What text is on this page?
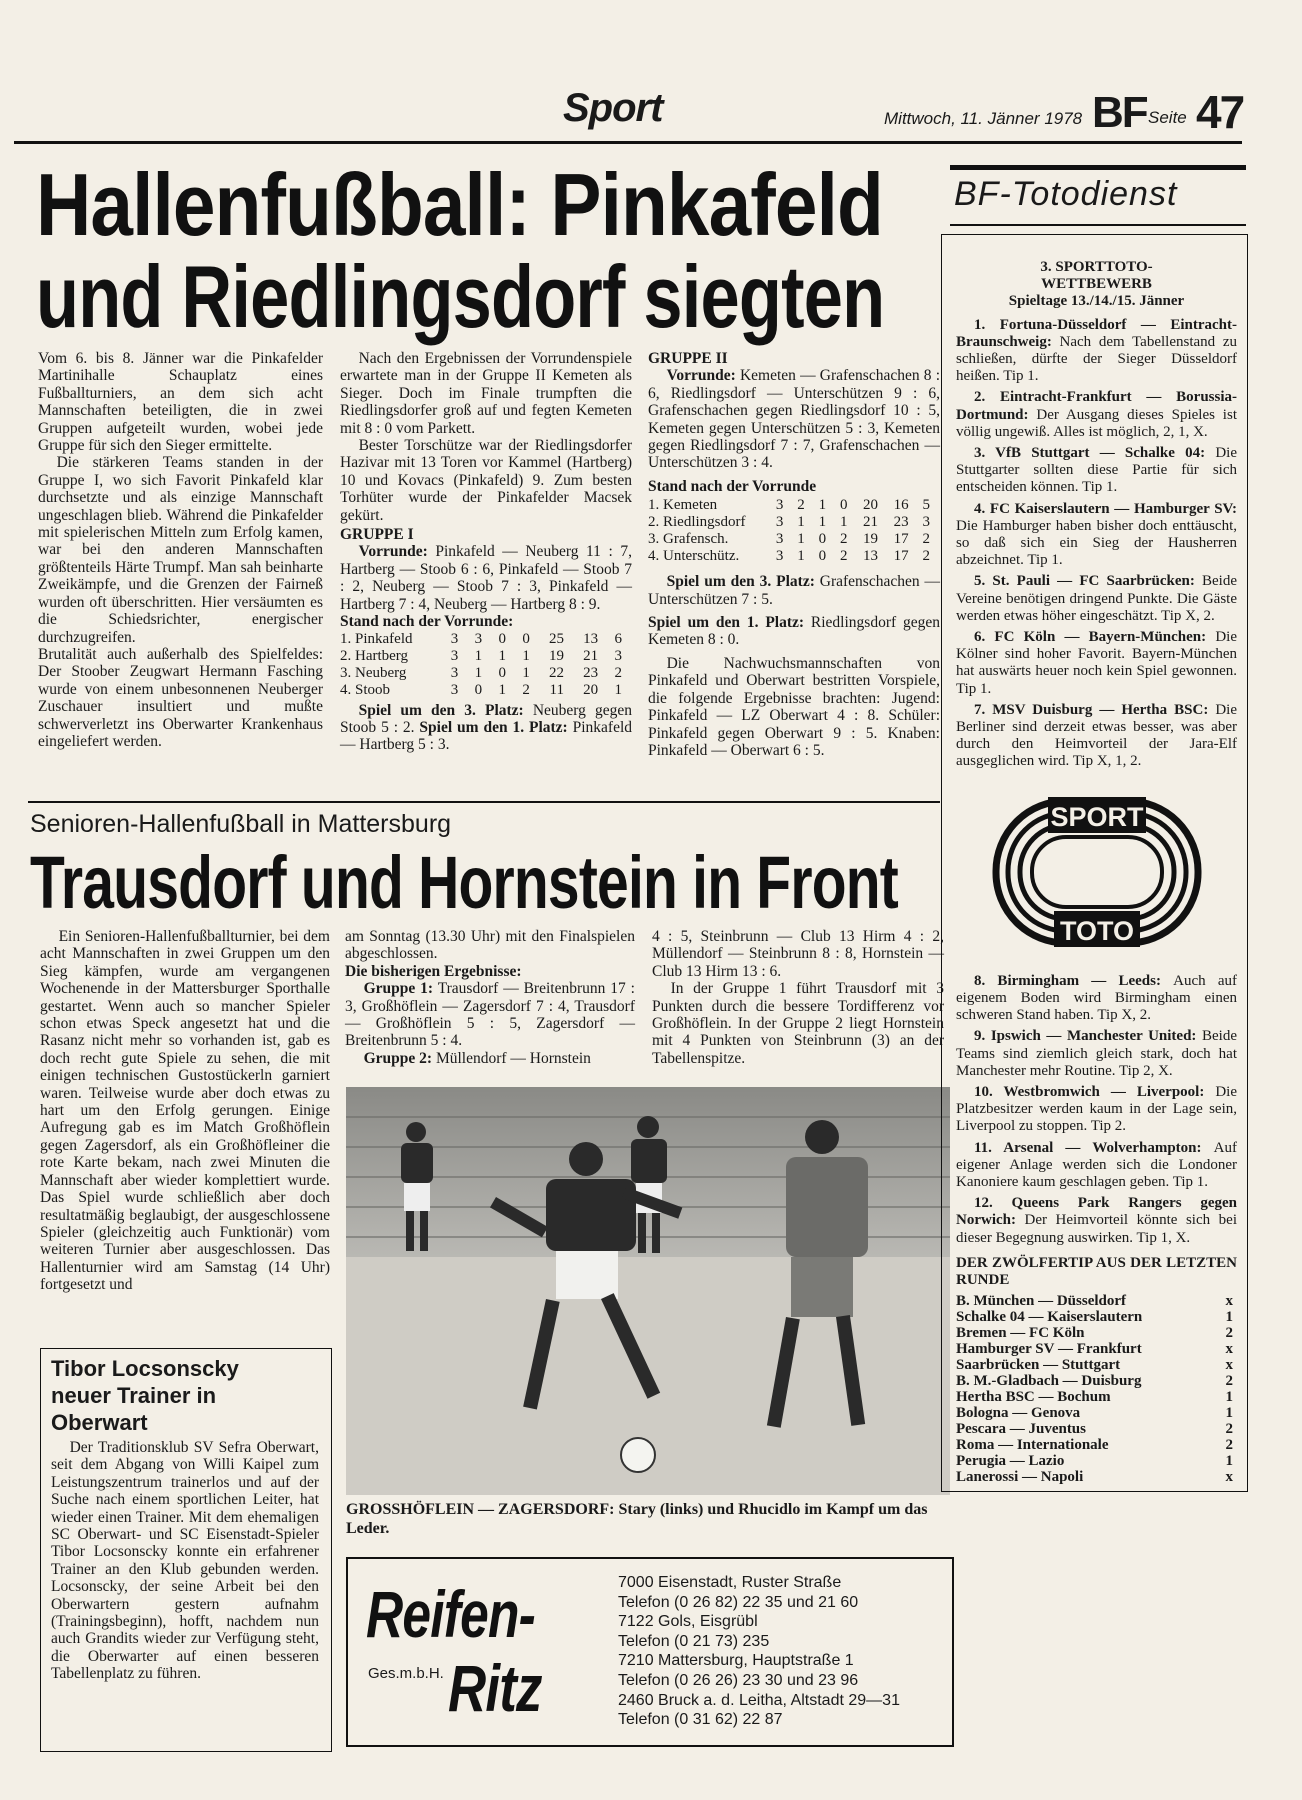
Sport	Mittwoch, 11. Jänner 1978 BF Seite 47
Hallenfußball: Pinkafeld
und Riedlingsdorf siegten

Vom 6. bis 8. Jänner war die Pinkafelder Martinihalle Schauplatz eines Fußballturniers, an dem sich acht Mannschaften beteiligten, die in zwei Gruppen aufgeteilt wurden, wobei jede Gruppe für sich den Sieger ermittelte.

Die stärkeren Teams standen in der Gruppe I, wo sich Favorit Pinkafeld klar durchsetzte und als einzige Mannschaft ungeschlagen blieb. Während die Pinkafelder mit spielerischen Mitteln zum Erfolg kamen, war bei den anderen Mannschaften größtenteils Härte Trumpf. Man sah beinharte Zweikämpfe, und die Grenzen der Fairneß wurden oft überschritten. Hier versäumten es die Schiedsrichter, energischer durchzugreifen.

Brutalität auch außerhalb des Spielfeldes: Der Stoober Zeugwart Hermann Fasching wurde von einem unbesonnenen Neuberger Zuschauer insultiert und mußte schwerverletzt ins Oberwarter Krankenhaus eingeliefert werden.

Nach den Ergebnissen der Vorrundenspiele erwartete man in der Gruppe II Kemeten als Sieger. Doch im Finale trumpften die Riedlingsdorfer groß auf und fegten Kemeten mit 8 : 0 vom Parkett.

Bester Torschütze war der Riedlingsdorfer Hazivar mit 13 Toren vor Kammel (Hartberg) 10 und Kovacs (Pinkafeld) 9. Zum besten Torhüter wurde der Pinkafelder Macsek gekürt.

GRUPPE I

Vorrunde: Pinkafeld — Neuberg 11 : 7, Hartberg — Stoob 6 : 6, Pinkafeld — Stoob 7 : 2, Neuberg — Stoob 7 : 3, Pinkafeld — Hartberg 7 : 4, Neuberg — Hartberg 8 : 9.

Stand nach der Vorrunde:

1. Pinkafeld	3	3	0	0	25	13	6
2. Hartberg	3	1	1	1	19	21	3
3. Neuberg	3	1	0	1	22	23	2
4. Stoob	3	0	1	2	11	20	1

Spiel um den 3. Platz: Neuberg gegen Stoob 5 : 2. Spiel um den 1. Platz: Pinkafeld — Hartberg 5 : 3.

GRUPPE II

Vorrunde: Kemeten — Grafenschachen 8 : 6, Riedlingsdorf — Unterschützen 9 : 6, Grafenschachen gegen Riedlingsdorf 10 : 5, Kemeten gegen Unterschützen 5 : 3, Kemeten gegen Riedlingsdorf 7 : 7, Grafenschachen — Unterschützen 3 : 4.

Stand nach der Vorrunde

1. Kemeten	3	2	1	0	20	16	5
2. Riedlingsdorf	3	1	1	1	21	23	3
3. Grafensch.	3	1	0	2	19	17	2
4. Unterschütz.	3	1	0	2	13	17	2

Spiel um den 3. Platz: Grafenschachen — Unterschützen 7 : 5.

Spiel um den 1. Platz: Riedlingsdorf gegen Kemeten 8 : 0.

Die Nachwuchsmannschaften von Pinkafeld und Oberwart bestritten Vorspiele, die folgende Ergebnisse brachten: Jugend: Pinkafeld — LZ Oberwart 4 : 8. Schüler: Pinkafeld gegen Oberwart 9 : 5. Knaben: Pinkafeld — Oberwart 6 : 5.

Senioren-Hallenfußball in Mattersburg
Trausdorf und Hornstein in Front

Ein Senioren-Hallenfußballturnier, bei dem acht Mannschaften in zwei Gruppen um den Sieg kämpfen, wurde am vergangenen Wochenende in der Mattersburger Sporthalle gestartet. Wenn auch so mancher Spieler schon etwas Speck angesetzt hat und die Rasanz nicht mehr so vorhanden ist, gab es doch recht gute Spiele zu sehen, die mit einigen technischen Gustostückerln garniert waren. Teilweise wurde aber doch etwas zu hart um den Erfolg gerungen. Einige Aufregung gab es im Match Großhöflein gegen Zagersdorf, als ein Großhöfleiner die rote Karte bekam, nach zwei Minuten die Mannschaft aber wieder komplettiert wurde. Das Spiel wurde schließlich aber doch resultatmäßig beglaubigt, der ausgeschlossene Spieler (gleichzeitig auch Funktionär) vom weiteren Turnier aber ausgeschlossen. Das Hallenturnier wird am Samstag (14 Uhr) fortgesetzt und

am Sonntag (13.30 Uhr) mit den Finalspielen abgeschlossen.

Die bisherigen Ergebnisse:

Gruppe 1: Trausdorf — Breitenbrunn 17 : 3, Großhöflein — Zagersdorf 7 : 4, Trausdorf — Großhöflein 5 : 5, Zagersdorf — Breitenbrunn 5 : 4.

Gruppe 2: Müllendorf — Hornstein

4 : 5, Steinbrunn — Club 13 Hirm 4 : 2, Müllendorf — Steinbrunn 8 : 8, Hornstein — Club 13 Hirm 13 : 6.

In der Gruppe 1 führt Trausdorf mit 3 Punkten durch die bessere Tordifferenz vor Großhöflein. In der Gruppe 2 liegt Hornstein mit 4 Punkten von Steinbrunn (3) an der Tabellenspitze.

GROSSHÖFLEIN — ZAGERSDORF: Stary (links) und Rhucidlo im Kampf um das Leder.
Tibor Locsonscky neuer Trainer in Oberwart
Der Traditionsklub SV Sefra Oberwart, seit dem Abgang von Willi Kaipel zum Leistungszentrum trainerlos und auf der Suche nach einem sportlichen Leiter, hat wieder einen Trainer. Mit dem ehemaligen SC Oberwart- und SC Eisenstadt-Spieler Tibor Locsonscky konnte ein erfahrener Trainer an den Klub gebunden werden. Locsonscky, der seine Arbeit bei den Oberwartern gestern aufnahm (Trainingsbeginn), hofft, nachdem nun auch Grandits wieder zur Verfügung steht, die Oberwarter auf einen besseren Tabellenplatz zu führen.
Reifen-
Ges.m.b.H. Ritz
7000 Eisenstadt, Ruster Straße
Telefon (0 26 82) 22 35 und 21 60
7122 Gols, Eisgrübl
Telefon (0 21 73) 235
7210 Mattersburg, Hauptstraße 1
Telefon (0 26 26) 23 30 und 23 96
2460 Bruck a. d. Leitha, Altstadt 29—31
Telefon (0 31 62) 22 87
BF-Totodienst
3. SPORTTOTO-
WETTBEWERB
Spieltage 13./14./15. Jänner

1. Fortuna-Düsseldorf — Eintracht-Braunschweig: Nach dem Tabellenstand zu schließen, dürfte der Sieger Düsseldorf heißen. Tip 1.

2. Eintracht-Frankfurt — Borussia-Dortmund: Der Ausgang dieses Spieles ist völlig ungewiß. Alles ist möglich, 2, 1, X.

3. VfB Stuttgart — Schalke 04: Die Stuttgarter sollten diese Partie für sich entscheiden können. Tip 1.

4. FC Kaiserslautern — Hamburger SV: Die Hamburger haben bisher doch enttäuscht, so daß sich ein Sieg der Hausherren abzeichnet. Tip 1.

5. St. Pauli — FC Saarbrücken: Beide Vereine benötigen dringend Punkte. Die Gäste werden etwas höher eingeschätzt. Tip X, 2.

6. FC Köln — Bayern-München: Die Kölner sind hoher Favorit. Bayern-München hat auswärts heuer noch kein Spiel gewonnen. Tip 1.

7. MSV Duisburg — Hertha BSC: Die Berliner sind derzeit etwas besser, was aber durch den Heimvorteil der Jara-Elf ausgeglichen wird. Tip X, 1, 2.

SPORT
TOTO

8. Birmingham — Leeds: Auch auf eigenem Boden wird Birmingham einen schweren Stand haben. Tip X, 2.

9. Ipswich — Manchester United: Beide Teams sind ziemlich gleich stark, doch hat Manchester mehr Routine. Tip 2, X.

10. Westbromwich — Liverpool: Die Platzbesitzer werden kaum in der Lage sein, Liverpool zu stoppen. Tip 2.

11. Arsenal — Wolverhampton: Auf eigener Anlage werden sich die Londoner Kanoniere kaum geschlagen geben. Tip 1.

12. Queens Park Rangers gegen Norwich: Der Heimvorteil könnte sich bei dieser Begegnung auswirken. Tip 1, X.

DER ZWÖLFERTIP AUS DER LETZTEN RUNDE
B. München — Düsseldorf	x
Schalke 04 — Kaiserslautern	1
Bremen — FC Köln	2
Hamburger SV — Frankfurt	x
Saarbrücken — Stuttgart	x
B. M.-Gladbach — Duisburg	2
Hertha BSC — Bochum	1
Bologna — Genova	1
Pescara — Juventus	2
Roma — Internationale	2
Perugia — Lazio	1
Lanerossi — Napoli	x
